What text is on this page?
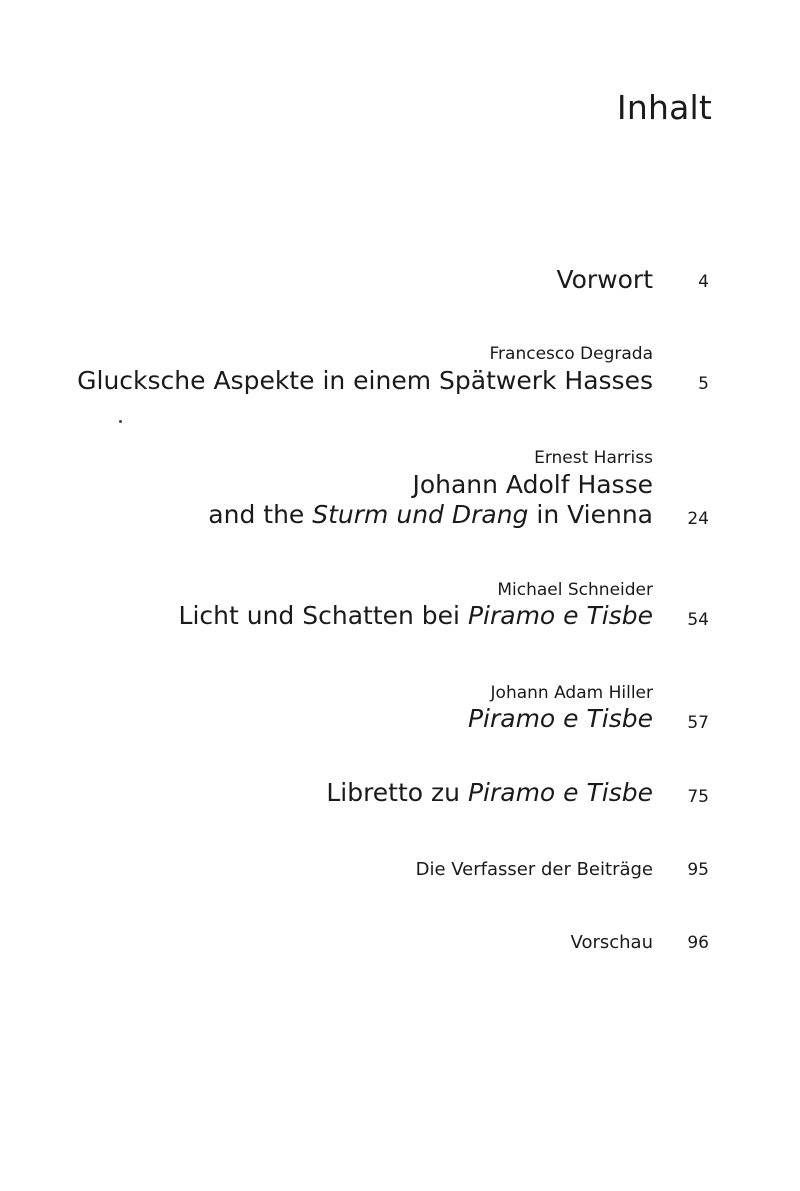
Inhalt
Vorwort	4
Francesco Degrada
Glucksche Aspekte in einem Spätwerk Hasses	5
Ernest Harriss
Johann Adolf Hasse
and the Sturm und Drang in Vienna	24
Michael Schneider
Licht und Schatten bei Piramo e Tisbe	54
Johann Adam Hiller
Piramo e Tisbe	57
Libretto zu Piramo e Tisbe	75
Die Verfasser der Beiträge	95
Vorschau	96
